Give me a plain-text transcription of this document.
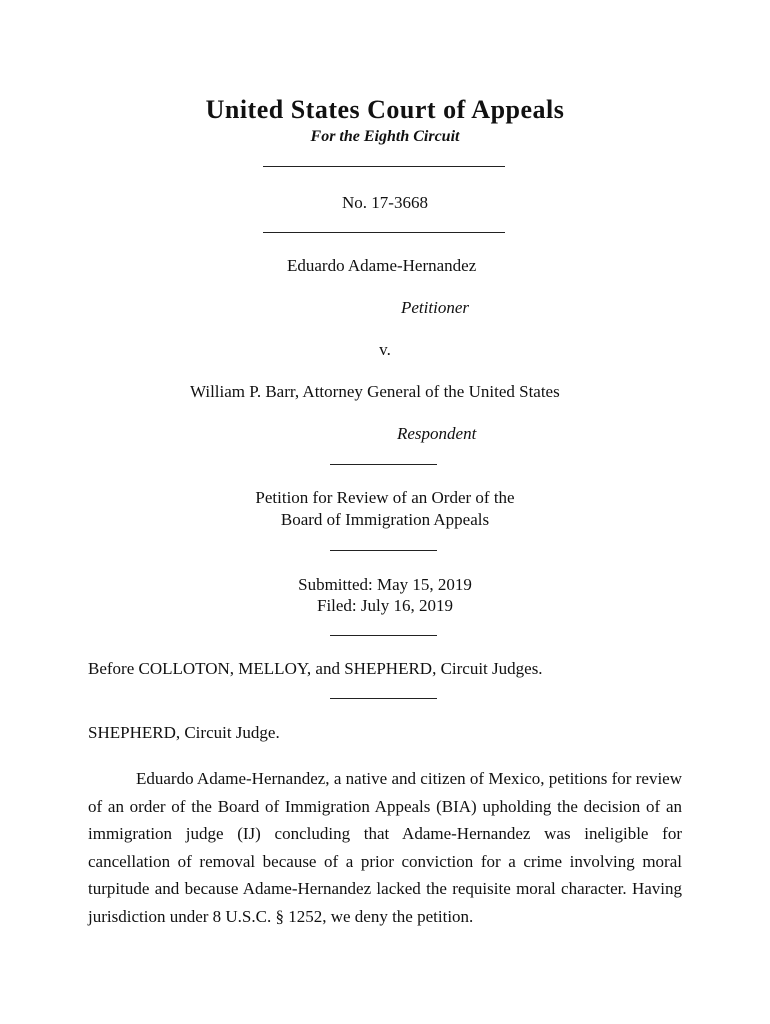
United States Court of Appeals
For the Eighth Circuit
No. 17-3668
Eduardo Adame-Hernandez
Petitioner
v.
William P. Barr, Attorney General of the United States
Respondent
Petition for Review of an Order of the
Board of Immigration Appeals
Submitted: May 15, 2019
Filed: July 16, 2019
Before COLLOTON, MELLOY, and SHEPHERD, Circuit Judges.
SHEPHERD, Circuit Judge.
Eduardo Adame-Hernandez, a native and citizen of Mexico, petitions for review of an order of the Board of Immigration Appeals (BIA) upholding the decision of an immigration judge (IJ) concluding that Adame-Hernandez was ineligible for cancellation of removal because of a prior conviction for a crime involving moral turpitude and because Adame-Hernandez lacked the requisite moral character. Having jurisdiction under 8 U.S.C. § 1252, we deny the petition.
